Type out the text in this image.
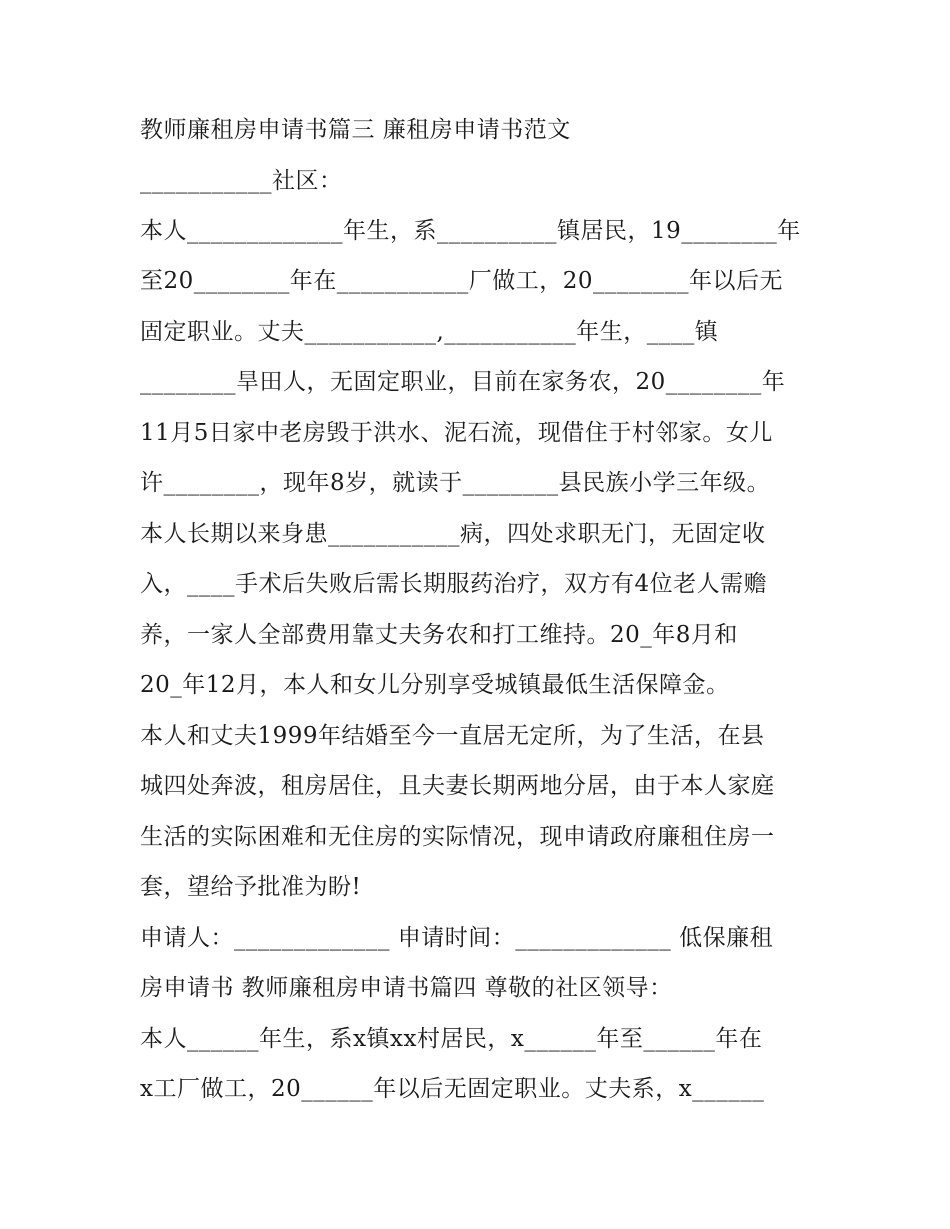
教师廉租房申请书篇三 廉租房申请书范文

___________社区：

本人_____________年生，系__________镇居民，19________年

至20________年在___________厂做工，20________年以后无

固定职业。丈夫___________,___________年生，____镇

________旱田人，无固定职业，目前在家务农，20________年

11月5日家中老房毁于洪水、泥石流，现借住于村邻家。女儿

许________，现年8岁，就读于________县民族小学三年级。

本人长期以来身患___________病，四处求职无门，无固定收

入，____手术后失败后需长期服药治疗，双方有4位老人需赡

养，一家人全部费用靠丈夫务农和打工维持。20_年8月和

20_年12月，本人和女儿分别享受城镇最低生活保障金。

本人和丈夫1999年结婚至今一直居无定所，为了生活，在县

城四处奔波，租房居住，且夫妻长期两地分居，由于本人家庭

生活的实际困难和无住房的实际情况，现申请政府廉租住房一

套，望给予批准为盼!

申请人：_____________ 申请时间：_____________ 低保廉租

房申请书 教师廉租房申请书篇四 尊敬的社区领导：

本人______年生，系x镇xx村居民，x______年至______年在

x工厂做工，20______年以后无固定职业。丈夫系，x______
